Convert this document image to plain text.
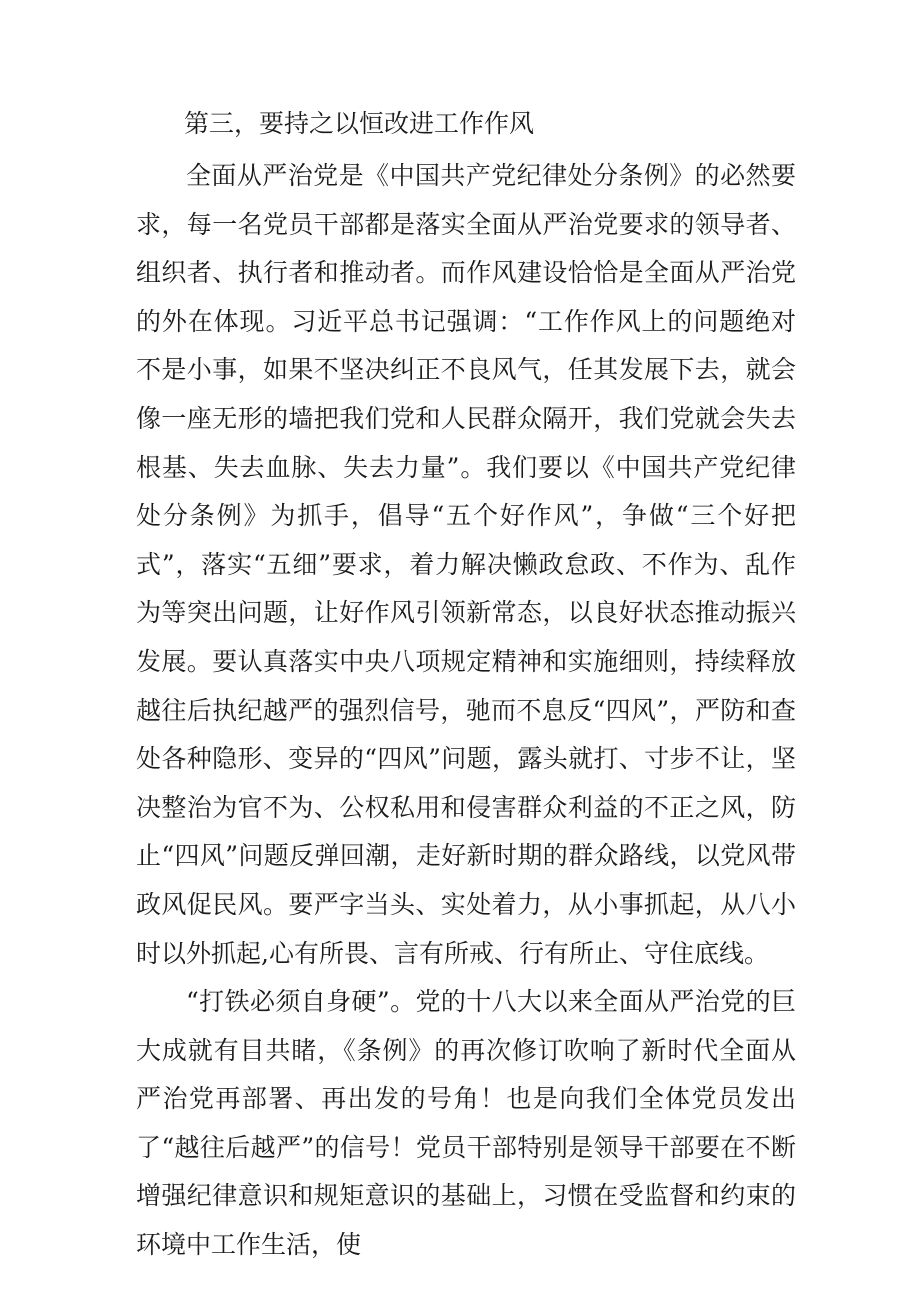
第三，要持之以恒改进工作作风

全面从严治党是《中国共产党纪律处分条例》的必然要求，每一名党员干部都是落实全面从严治党要求的领导者、组织者、执行者和推动者。而作风建设恰恰是全面从严治党的外在体现。习近平总书记强调：“工作作风上的问题绝对不是小事，如果不坚决纠正不良风气，任其发展下去，就会像一座无形的墙把我们党和人民群众隔开，我们党就会失去根基、失去血脉、失去力量”。我们要以《中国共产党纪律处分条例》为抓手，倡导“五个好作风”，争做“三个好把式”，落实“五细”要求，着力解决懒政怠政、不作为、乱作为等突出问题，让好作风引领新常态，以良好状态推动振兴发展。要认真落实中央八项规定精神和实施细则，持续释放越往后执纪越严的强烈信号，驰而不息反“四风”，严防和查处各种隐形、变异的“四风”问题，露头就打、寸步不让，坚决整治为官不为、公权私用和侵害群众利益的不正之风，防止“四风”问题反弹回潮，走好新时期的群众路线，以党风带政风促民风。要严字当头、实处着力，从小事抓起，从八小时以外抓起,心有所畏、言有所戒、行有所止、守住底线。

“打铁必须自身硬”。党的十八大以来全面从严治党的巨大成就有目共睹，《条例》的再次修订吹响了新时代全面从严治党再部署、再出发的号角！也是向我们全体党员发出了“越往后越严”的信号！党员干部特别是领导干部要在不断增强纪律意识和规矩意识的基础上，习惯在受监督和约束的环境中工作生活，使
